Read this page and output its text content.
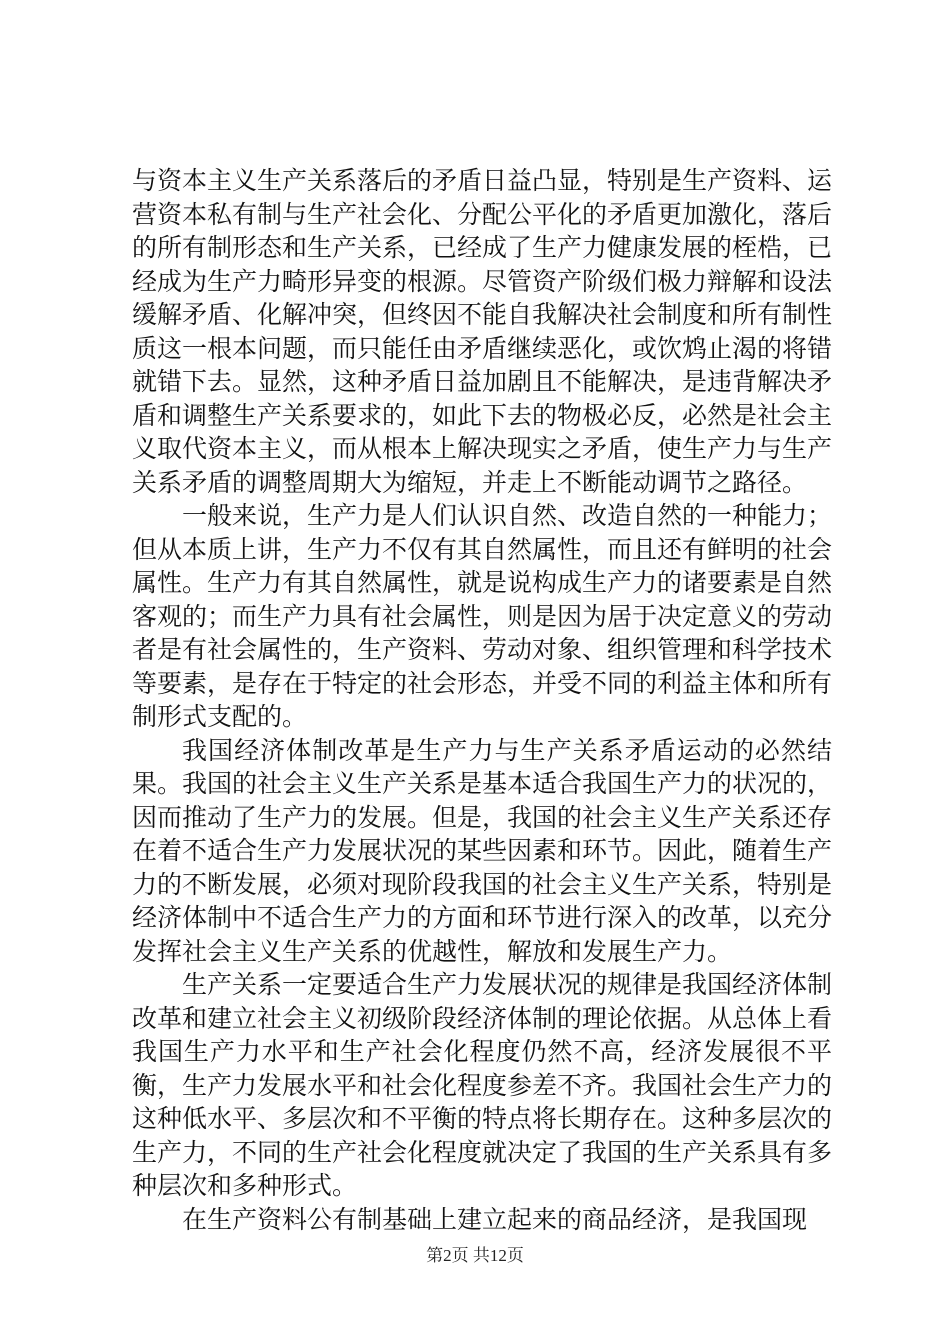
与资本主义生产关系落后的矛盾日益凸显，特别是生产资料、运营资本私有制与生产社会化、分配公平化的矛盾更加激化，落后的所有制形态和生产关系，已经成了生产力健康发展的桎梏，已经成为生产力畸形异变的根源。尽管资产阶级们极力辩解和设法缓解矛盾、化解冲突，但终因不能自我解决社会制度和所有制性质这一根本问题，而只能任由矛盾继续恶化，或饮鸩止渴的将错就错下去。显然，这种矛盾日益加剧且不能解决，是违背解决矛盾和调整生产关系要求的，如此下去的物极必反，必然是社会主义取代资本主义，而从根本上解决现实之矛盾，使生产力与生产关系矛盾的调整周期大为缩短，并走上不断能动调节之路径。

一般来说，生产力是人们认识自然、改造自然的一种能力；但从本质上讲，生产力不仅有其自然属性，而且还有鲜明的社会属性。生产力有其自然属性，就是说构成生产力的诸要素是自然客观的；而生产力具有社会属性，则是因为居于决定意义的劳动者是有社会属性的，生产资料、劳动对象、组织管理和科学技术等要素，是存在于特定的社会形态，并受不同的利益主体和所有制形式支配的。

我国经济体制改革是生产力与生产关系矛盾运动的必然结果。我国的社会主义生产关系是基本适合我国生产力的状况的，因而推动了生产力的发展。但是，我国的社会主义生产关系还存在着不适合生产力发展状况的某些因素和环节。因此，随着生产力的不断发展，必须对现阶段我国的社会主义生产关系，特别是经济体制中不适合生产力的方面和环节进行深入的改革，以充分发挥社会主义生产关系的优越性，解放和发展生产力。

生产关系一定要适合生产力发展状况的规律是我国经济体制改革和建立社会主义初级阶段经济体制的理论依据。从总体上看我国生产力水平和生产社会化程度仍然不高，经济发展很不平衡，生产力发展水平和社会化程度参差不齐。我国社会生产力的这种低水平、多层次和不平衡的特点将长期存在。这种多层次的生产力，不同的生产社会化程度就决定了我国的生产关系具有多种层次和多种形式。

在生产资料公有制基础上建立起来的商品经济，是我国现

第2页 共12页
